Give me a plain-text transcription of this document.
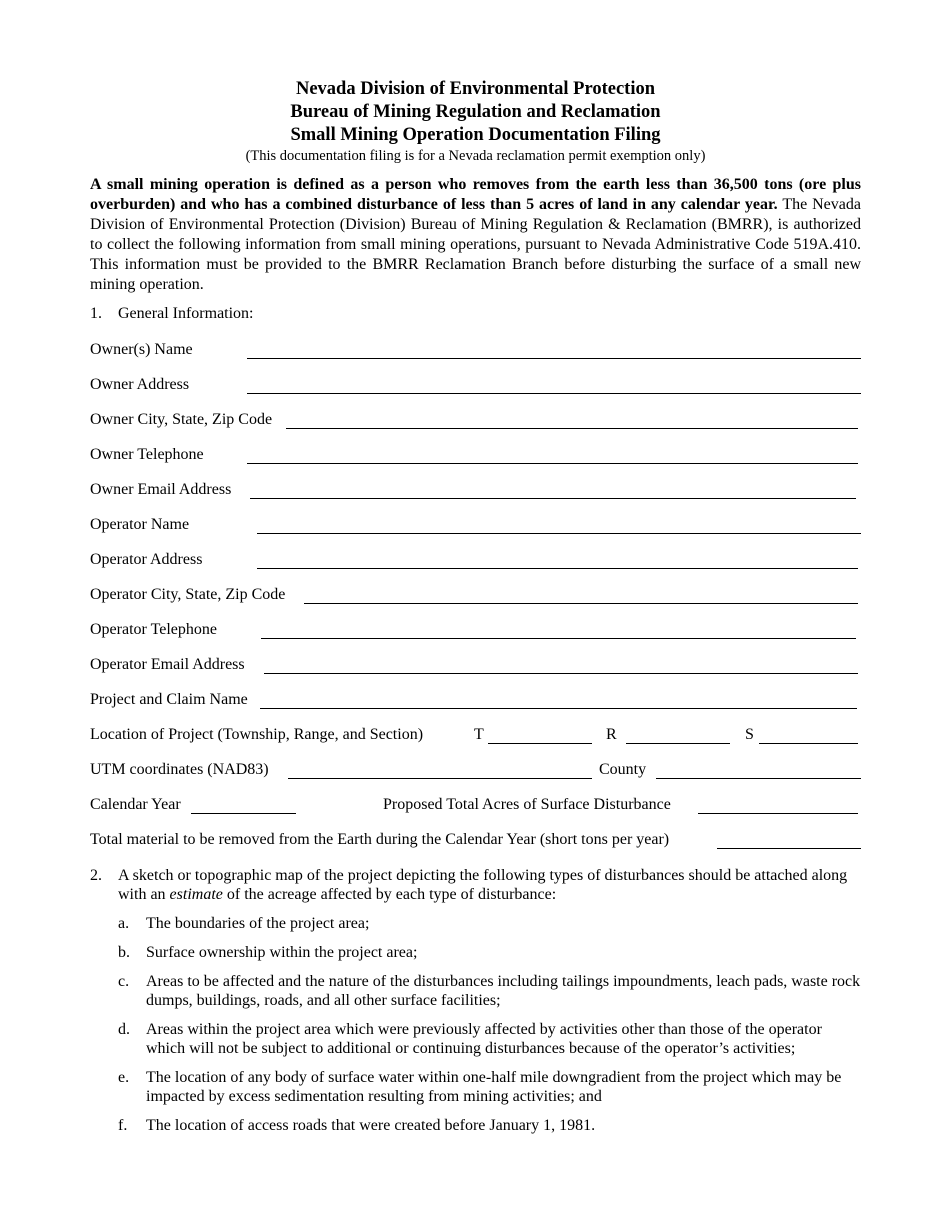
Nevada Division of Environmental Protection
Bureau of Mining Regulation and Reclamation
Small Mining Operation Documentation Filing
(This documentation filing is for a Nevada reclamation permit exemption only)
A small mining operation is defined as a person who removes from the earth less than 36,500 tons (ore plus overburden) and who has a combined disturbance of less than 5 acres of land in any calendar year. The Nevada Division of Environmental Protection (Division) Bureau of Mining Regulation & Reclamation (BMRR), is authorized to collect the following information from small mining operations, pursuant to Nevada Administrative Code 519A.410. This information must be provided to the BMRR Reclamation Branch before disturbing the surface of a small new mining operation.
1. General Information:
Owner(s) Name
Owner Address
Owner City, State, Zip Code
Owner Telephone
Owner Email Address
Operator Name
Operator Address
Operator City, State, Zip Code
Operator Telephone
Operator Email Address
Project and Claim Name
Location of Project (Township, Range, and Section)	T	R	S
UTM coordinates (NAD83)	County
Calendar Year	Proposed Total Acres of Surface Disturbance
Total material to be removed from the Earth during the Calendar Year (short tons per year)
2. A sketch or topographic map of the project depicting the following types of disturbances should be attached along with an estimate of the acreage affected by each type of disturbance:
a. The boundaries of the project area;
b. Surface ownership within the project area;
c. Areas to be affected and the nature of the disturbances including tailings impoundments, leach pads, waste rock dumps, buildings, roads, and all other surface facilities;
d. Areas within the project area which were previously affected by activities other than those of the operator which will not be subject to additional or continuing disturbances because of the operator’s activities;
e. The location of any body of surface water within one-half mile downgradient from the project which may be impacted by excess sedimentation resulting from mining activities; and
f. The location of access roads that were created before January 1, 1981.
